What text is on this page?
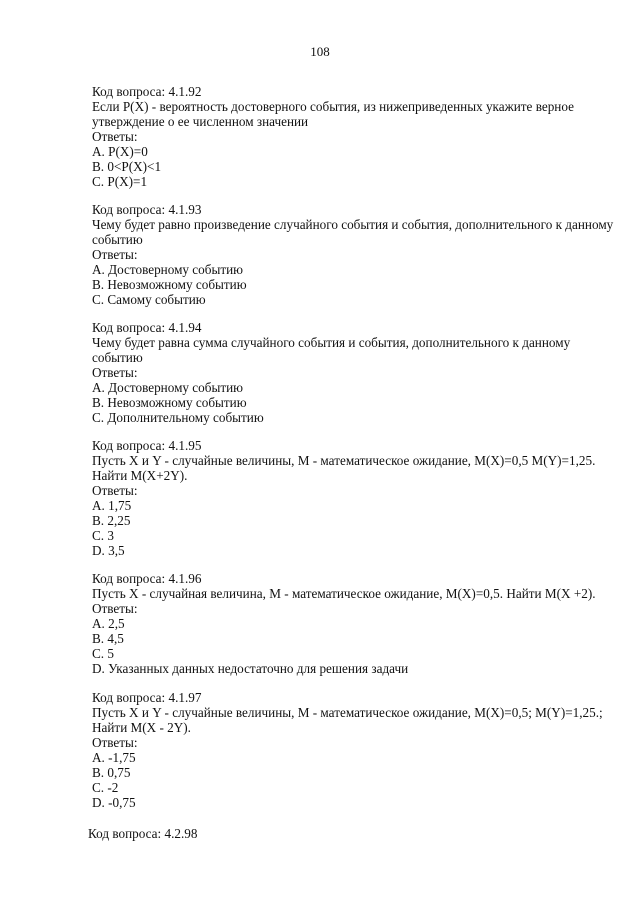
108
Код вопроса: 4.1.92
Если P(X) - вероятность достоверного события, из нижеприведенных укажите верное
утверждение о ее численном значении
Ответы:
A. P(X)=0
B. 0<P(X)<1
C. P(X)=1
Код вопроса: 4.1.93
Чему будет равно произведение случайного события и события, дополнительного к данному
событию
Ответы:
A. Достоверному событию
B. Невозможному событию
C. Самому событию
Код вопроса: 4.1.94
Чему будет равна сумма случайного события и события, дополнительного к данному
событию
Ответы:
A. Достоверному событию
B. Невозможному событию
C. Дополнительному событию
Код вопроса: 4.1.95
Пусть X и Y - случайные величины, M - математическое ожидание, M(X)=0,5 M(Y)=1,25.
Найти M(X+2Y).
Ответы:
A. 1,75
B. 2,25
C. 3
D. 3,5
Код вопроса: 4.1.96
Пусть X - случайная величина, M - математическое ожидание, M(X)=0,5. Найти M(X +2).
Ответы:
A. 2,5
B. 4,5
C. 5
D. Указанных данных недостаточно для решения задачи
Код вопроса: 4.1.97
Пусть X и Y - случайные величины, M - математическое ожидание, M(X)=0,5; M(Y)=1,25.;
Найти M(X - 2Y).
Ответы:
A. -1,75
B. 0,75
C. -2
D. -0,75
Код вопроса: 4.2.98
